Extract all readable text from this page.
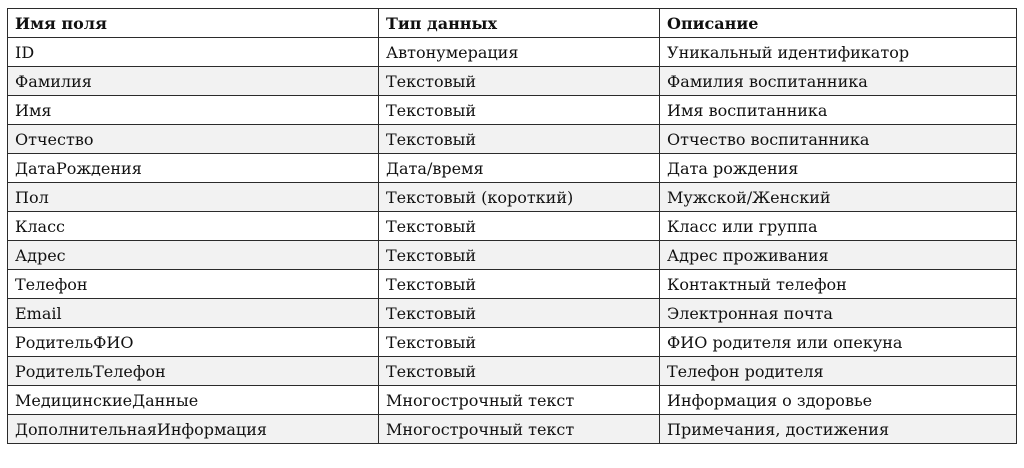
Имя поля	Тип данных	Описание
ID	Автонумерация	Уникальный идентификатор
Фамилия	Текстовый	Фамилия воспитанника
Имя	Текстовый	Имя воспитанника
Отчество	Текстовый	Отчество воспитанника
ДатаРождения	Дата/время	Дата рождения
Пол	Текстовый (короткий)	Мужской/Женский
Класс	Текстовый	Класс или группа
Адрес	Текстовый	Адрес проживания
Телефон	Текстовый	Контактный телефон
Email	Текстовый	Электронная почта
РодительФИО	Текстовый	ФИО родителя или опекуна
РодительТелефон	Текстовый	Телефон родителя
МедицинскиеДанные	Многострочный текст	Информация о здоровье
ДополнительнаяИнформация	Многострочный текст	Примечания, достижения
